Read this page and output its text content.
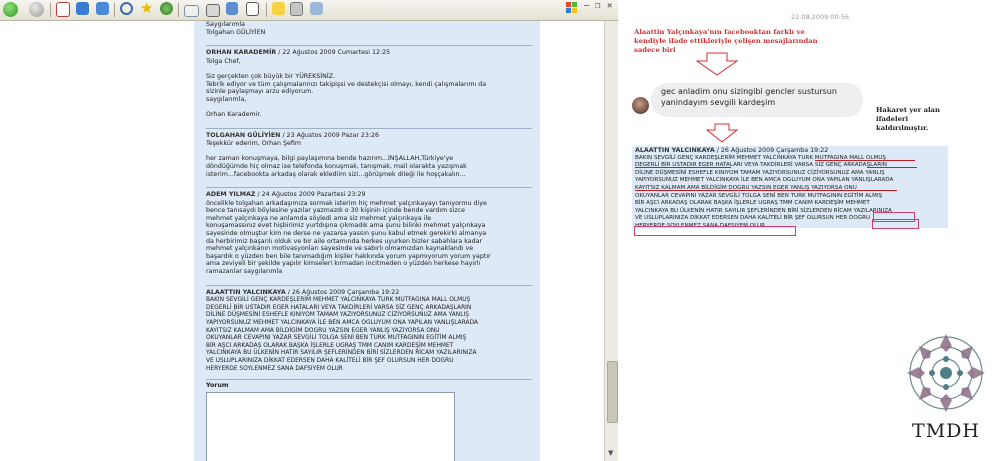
★	– ❐ ✕

Saygılarımla
Tolgahan GÜLİYİEN

ORHAN KARADEMİR / 22 Ağustos 2009 Cumartesi 12:25

Tolga Chef,

Siz gerçekten çok büyük bir YÜREKSİNİZ.
Tebrik ediyor ve tüm çalışmalarınızı takipişsi ve destekçisi olmayı, kendi çalışmalarımı da
sizinle paylaşmayı arzu ediyorum.
saygılarımla,

Orhan Karademir.

TOLGAHAN GÜLİYİEN / 23 Ağustos 2009 Pazar 23:26

Teşekkür ederim, Orhan Şefim

her zaman konuşmaya, bilgi paylaşımına bende hazırım...İNŞALLAH,Türkiye'ye
döndüğümde hiç olmaz ise telefonda konuşmak, tanışmak, mail olarakta yazışmak
isterim...facebookta arkadaş olarak eklediim sizi...görüşmek dileği ile hoşçakalın...

ADEM YILMAZ / 24 Ağustos 2009 Pazartesi 23:29

öncelikle tolgahan arkadaşımıza sormak isterim hiç mehmet yalçınkayayı tanıyormu diye
bence tanısaydı böylesine yazılar yazmazdı o 30 kişinin içinde bende vardım sizce
mehmet yalçınkaya ne anlamda söyledi ama siz mehmet yalçınkaya ile
konuşamassınız evet hişbirimiz yurtdışına çıkmadık ama şunu bilinki mehmet yalçınkaya
sayesinde olmuştur kim ne derse ne yazarsa yassın şunu kabul etmek gerekirki almanya
da herbirimiz başarılı olduk ve bir aile ortamında herkes uyurken bizler sabahlara kadar
mehmet yalçınkanın motivasyonları sayesinde ve sabırlı olmamızdan kaynaklandı ve
başardık o yüzden ben bile tanımadığım kişiler hakkında yorum yapmıyorum yorum yaptır
ama zeviyeli bir şekilde yapılır kimseleri kırmadan incitmeden o yüzden herkese hayırlı
ramazanlar saygılarımla

ALAATTIN YALCINKAYA / 26 Ağustos 2009 Çarşamba 19:22

BAKIN SEVGİLİ GENÇ KARDEŞLERİM MEHMET YALCINKAYA TURK MUTFAGINA MALL OLMUŞ
DEGERLİ BİR USTADIR EGER HATALARI VEYA TAKDİRLERİ VARSA SİZ GENÇ ARKADAŞLARIN
DİLİNE DÜŞMESİNİ ESHEFLE KINIYOM TAMAM YAZIYORSUNUZ CİZİYORSUNUZ AMA YANLIŞ
YAPIYORSUNUZ MEHMET YALCINKAYA İLE BEN AMCA OGLUYUM ONA YAPILAN YANLIŞLARADA
KAYITSIZ KALMAM AMA BİLDİGİM DOGRU YAZSIN EGER YANLIŞ YAZIYORSA ONU
OKUYANLAR CEVAPINI YAZAR SEVGİLİ TOLGA SENİ BEN TURK MUTFAGININ EGİTİM ALMIŞ
BİR AŞCI ARKADAŞ OLARAK BAŞKA İŞLERLE UGRAŞ TMM CANIM KARDEŞİM MEHMET
YALCINKAYA BU ÜLKENİN HATIR SAYILIR ŞEFLERİNDEN BİRİ SİZLERDEN RİCAM YAZILARINIZA
VE USLUPLARINIZA DİKKAT EDERSEN DAHA KALİTELİ BİR ŞEF OLURSUN HER DOGRU
HERYERDE SOYLENMEZ SANA DAFSIYEM OLUR

Yorum
▼
22.08.2009 00:56
Alaattin Yalçınkaya'nın facebooktan farklı ve kendiyle ifade ettikleriyle çelişen mesajlarından sadece biri
gec anladim onu sizingibi gencler sustursun yanindayım sevgili kardeşim
Hakaret yer alan ifadeleri kaldırılmıştır.
ALAATTIN YALCINKAYA / 26 Ağustos 2009 Çarşamba 19:22

BAKIN SEVGİLİ GENÇ KARDEŞLERİM MEHMET YALCINKAYA TURK MUTFAGINA MALL OLMUŞ
DEGERLİ BİR USTADIR EGER HATALARI VEYA TAKDİRLERİ VARSA SİZ GENÇ ARKADAŞLARIN
DİLİNE DÜŞMESİNİ ESHEFLE KINIYOM TAMAM YAZIYORSUNUZ CİZİYORSUNUZ AMA YANLIŞ
YAPIYORSUNUZ MEHMET YALCINKAYA İLE BEN AMCA OGLUYUM ONA YAPILAN YANLIŞLARADA
KAYITSIZ KALMAM AMA BİLDİGİM DOGRU YAZSIN EGER YANLIŞ YAZIYORSA ONU
OKUYANLAR CEVAPINI YAZAR SEVGİLİ TOLGA SENİ BEN TURK MUTFAGININ EGİTİM ALMIŞ
BİR AŞCI ARKADAŞ OLARAK BAŞKA İŞLERLE UGRAŞ TMM CANIM KARDEŞİM MEHMET
YALCINKAYA BU ÜLKENİN HATIR SAYILIR ŞEFLERİNDEN BİRİ SİZLERDEN RİCAM YAZILARINIZA
VE USLUPLARINIZA DİKKAT EDERSEN DAHA KALİTELİ BİR ŞEF OLURSUN HER DOGRU
HERYERDE SOYLENMEZ SANA DAFSIYEM OLUR

TMDH
